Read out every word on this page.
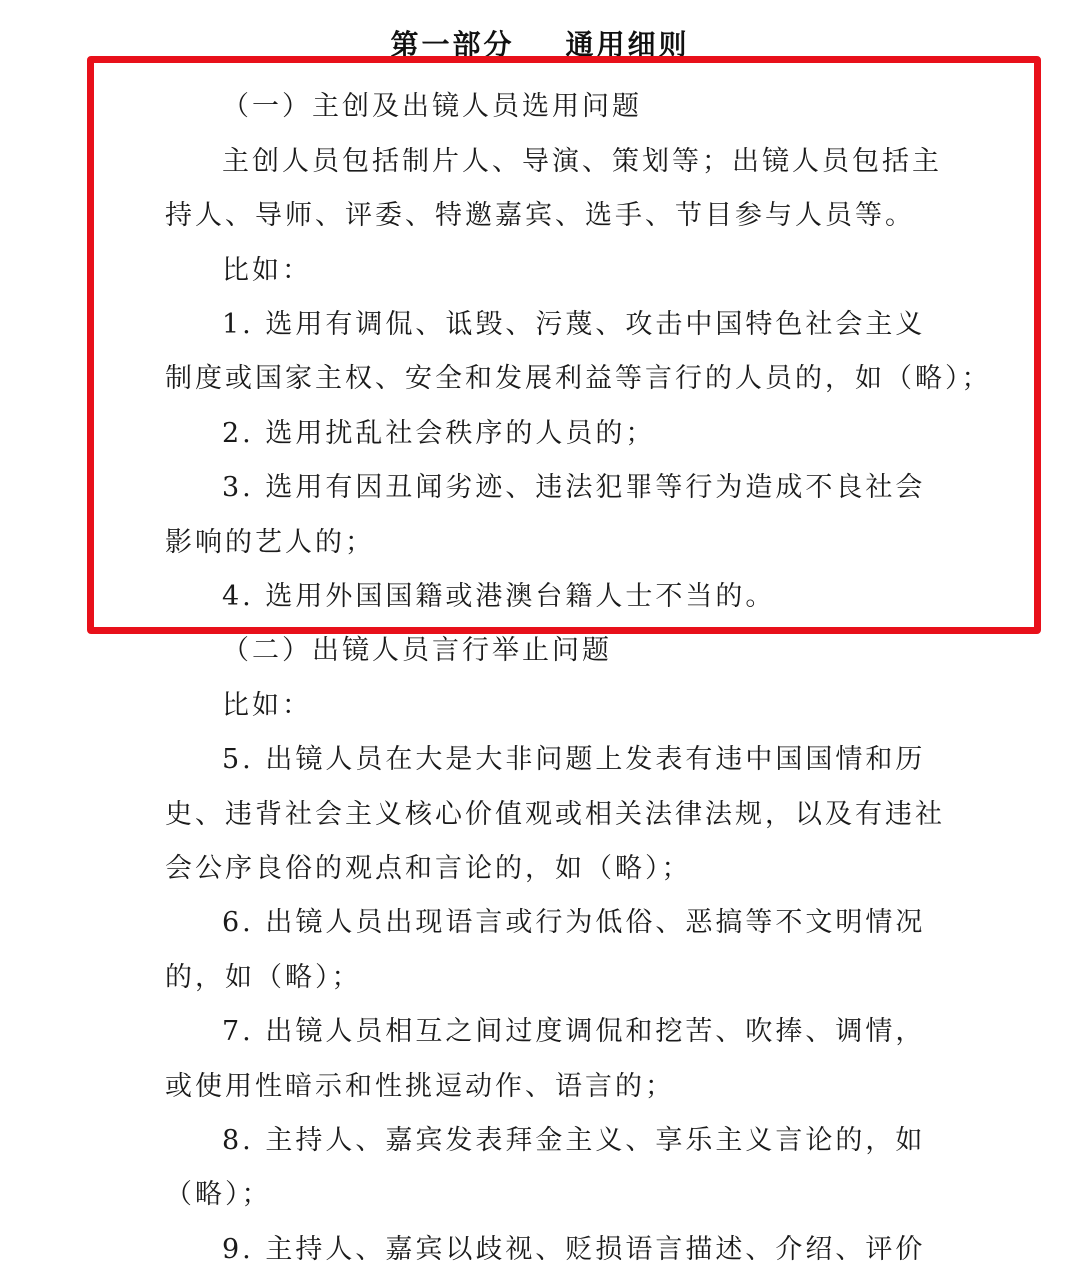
第一部分    通用细则
（一）主创及出镜人员选用问题
主创人员包括制片人、导演、策划等；出镜人员包括主
持人、导师、评委、特邀嘉宾、选手、节目参与人员等。
比如：
1. 选用有调侃、诋毁、污蔑、攻击中国特色社会主义
制度或国家主权、安全和发展利益等言行的人员的，如（略）；
2. 选用扰乱社会秩序的人员的；
3. 选用有因丑闻劣迹、违法犯罪等行为造成不良社会
影响的艺人的；
4. 选用外国国籍或港澳台籍人士不当的。
（二）出镜人员言行举止问题
比如：
5. 出镜人员在大是大非问题上发表有违中国国情和历
史、违背社会主义核心价值观或相关法律法规，以及有违社
会公序良俗的观点和言论的，如（略）；
6. 出镜人员出现语言或行为低俗、恶搞等不文明情况
的，如（略）；
7. 出镜人员相互之间过度调侃和挖苦、吹捧、调情，
或使用性暗示和性挑逗动作、语言的；
8. 主持人、嘉宾发表拜金主义、享乐主义言论的，如
（略）；
9. 主持人、嘉宾以歧视、贬损语言描述、介绍、评价
